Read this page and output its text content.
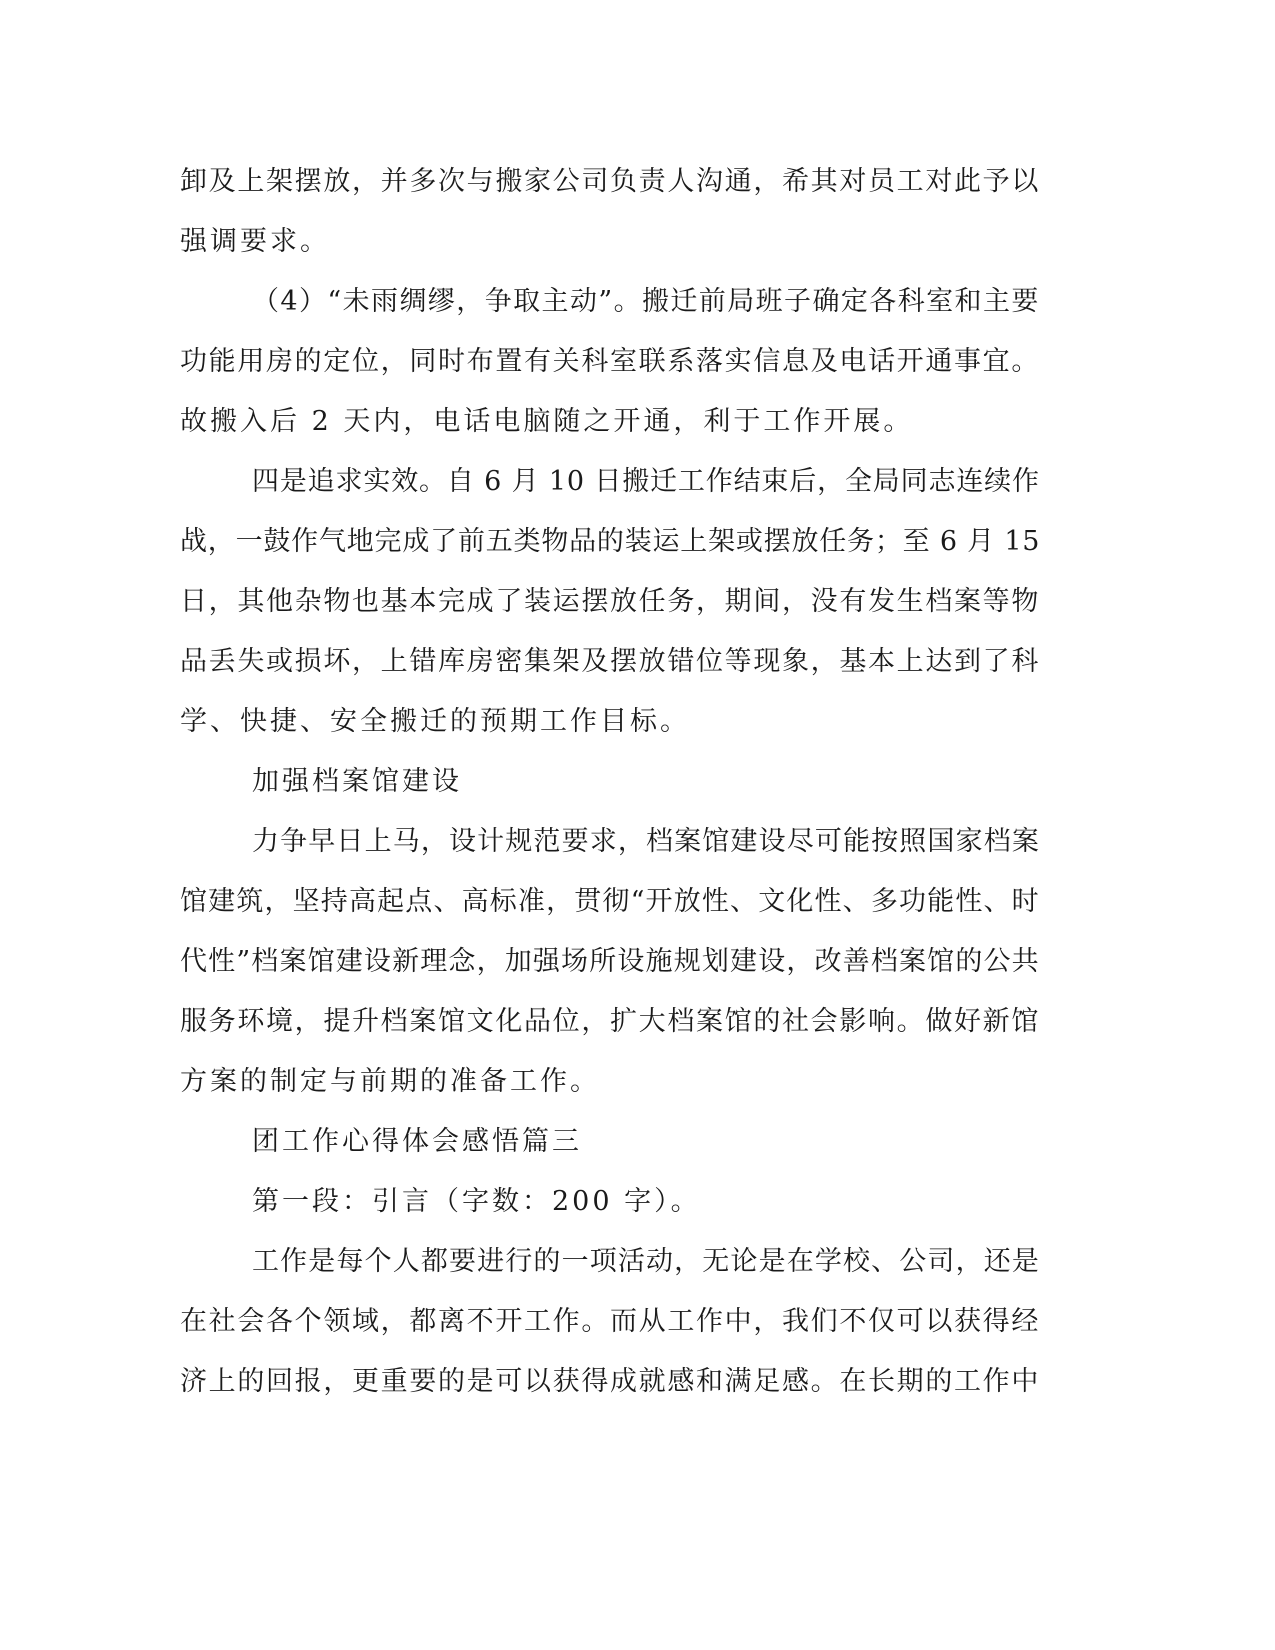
卸及上架摆放，并多次与搬家公司负责人沟通，希其对员工对此予以
强调要求。
（4）“未雨绸缪，争取主动”。搬迁前局班子确定各科室和主要
功能用房的定位，同时布置有关科室联系落实信息及电话开通事宜。
故搬入后 2 天内，电话电脑随之开通，利于工作开展。
四是追求实效。自 6 月 10 日搬迁工作结束后，全局同志连续作
战，一鼓作气地完成了前五类物品的装运上架或摆放任务；至 6 月 15
日，其他杂物也基本完成了装运摆放任务，期间，没有发生档案等物
品丢失或损坏，上错库房密集架及摆放错位等现象，基本上达到了科
学、快捷、安全搬迁的预期工作目标。
加强档案馆建设
力争早日上马，设计规范要求，档案馆建设尽可能按照国家档案
馆建筑，坚持高起点、高标准，贯彻“开放性、文化性、多功能性、时
代性”档案馆建设新理念，加强场所设施规划建设，改善档案馆的公共
服务环境，提升档案馆文化品位，扩大档案馆的社会影响。做好新馆
方案的制定与前期的准备工作。
团工作心得体会感悟篇三
第一段：引言（字数：200 字）。
工作是每个人都要进行的一项活动，无论是在学校、公司，还是
在社会各个领域，都离不开工作。而从工作中，我们不仅可以获得经
济上的回报，更重要的是可以获得成就感和满足感。在长期的工作中
